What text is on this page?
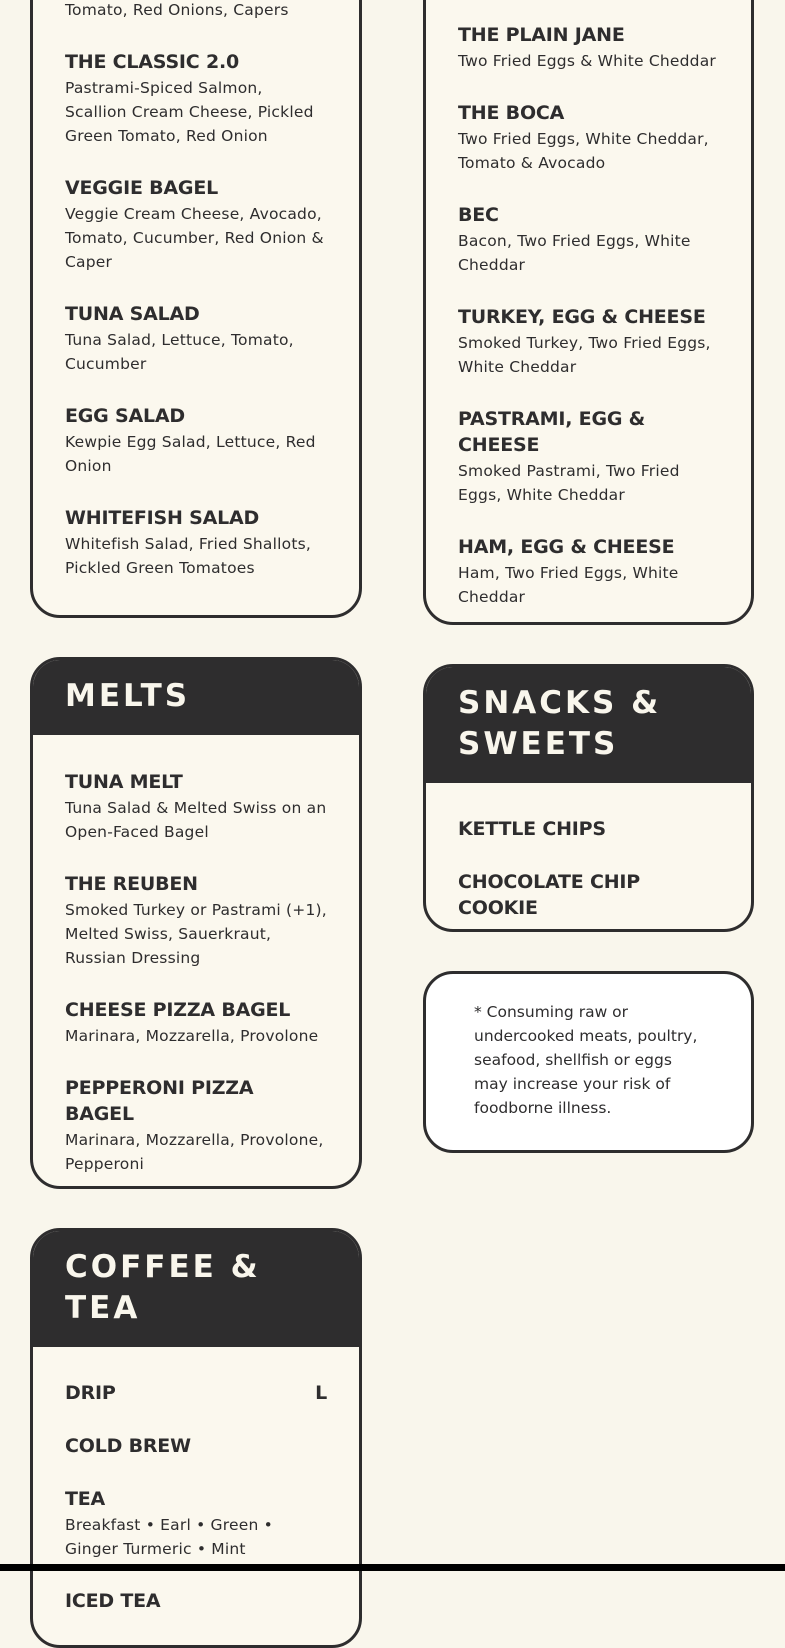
Tomato, Red Onions, Capers
THE CLASSIC 2.0
Pastrami-Spiced Salmon, Scallion Cream Cheese, Pickled Green Tomato, Red Onion
VEGGIE BAGEL
Veggie Cream Cheese, Avocado, Tomato, Cucumber, Red Onion & Caper
TUNA SALAD
Tuna Salad, Lettuce, Tomato, Cucumber
EGG SALAD
Kewpie Egg Salad, Lettuce, Red Onion
WHITEFISH SALAD
Whitefish Salad, Fried Shallots, Pickled Green Tomatoes
THE PLAIN JANE
Two Fried Eggs & White Cheddar
THE BOCA
Two Fried Eggs, White Cheddar, Tomato & Avocado
BEC
Bacon, Two Fried Eggs, White Cheddar
TURKEY, EGG & CHEESE
Smoked Turkey, Two Fried Eggs, White Cheddar
PASTRAMI, EGG & CHEESE
Smoked Pastrami, Two Fried Eggs, White Cheddar
HAM, EGG & CHEESE
Ham, Two Fried Eggs, White Cheddar
MELTS
TUNA MELT
Tuna Salad & Melted Swiss on an Open-Faced Bagel
THE REUBEN
Smoked Turkey or Pastrami (+1), Melted Swiss, Sauerkraut, Russian Dressing
CHEESE PIZZA BAGEL
Marinara, Mozzarella, Provolone
PEPPERONI PIZZA BAGEL
Marinara, Mozzarella, Provolone, Pepperoni
SNACKS &
SWEETS
KETTLE CHIPS
CHOCOLATE CHIP COOKIE
* Consuming raw or undercooked meats, poultry, seafood, shellfish or eggs may increase your risk of foodborne illness.
COFFEE & TEA
DRIP	L
COLD BREW
TEA
Breakfast • Earl • Green • Ginger Turmeric • Mint
ICED TEA
